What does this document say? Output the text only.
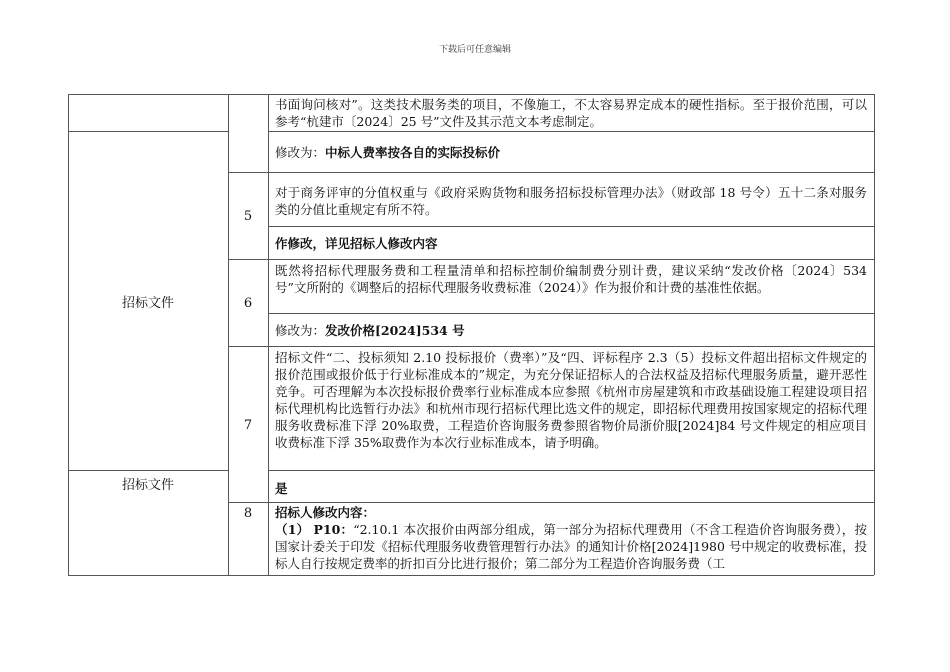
下载后可任意编辑
招标文件
招标文件
5
6
7
8
书面询问核对”。这类技术服务类的项目，不像施工，不太容易界定成本的硬性指标。至于报价范围，可以参考“杭建市〔2024〕25 号”文件及其示范文本考虑制定。
修改为：中标人费率按各自的实际投标价
对于商务评审的分值权重与《政府采购货物和服务招标投标管理办法》（财政部 18 号令）五十二条对服务类的分值比重规定有所不符。
作修改，详见招标人修改内容
既然将招标代理服务费和工程量清单和招标控制价编制费分别计费，建议采纳“发改价格〔2024〕534 号”文所附的《调整后的招标代理服务收费标准（2024）》作为报价和计费的基准性依据。
修改为：发改价格[2024]534 号
招标文件“二、投标须知 2.10 投标报价（费率）”及“四、评标程序 2.3（5）投标文件超出招标文件规定的报价范围或报价低于行业标准成本的”规定，为充分保证招标人的合法权益及招标代理服务质量，避开恶性竞争。可否理解为本次投标报价费率行业标准成本应参照《杭州市房屋建筑和市政基础设施工程建设项目招标代理机构比选暂行办法》和杭州市现行招标代理比选文件的规定，即招标代理费用按国家规定的招标代理服务收费标准下浮 20%取费，工程造价咨询服务费参照省物价局浙价服[2024]84 号文件规定的相应项目收费标准下浮 35%取费作为本次行业标准成本，请予明确。
是
招标人修改内容：
（1） P10：“2.10.1 本次报价由两部分组成，第一部分为招标代理费用（不含工程造价咨询服务费），按国家计委关于印发《招标代理服务收费管理暂行办法》的通知计价格[2024]1980 号中规定的收费标准，投标人自行按规定费率的折扣百分比进行报价；第二部分为工程造价咨询服务费（工
